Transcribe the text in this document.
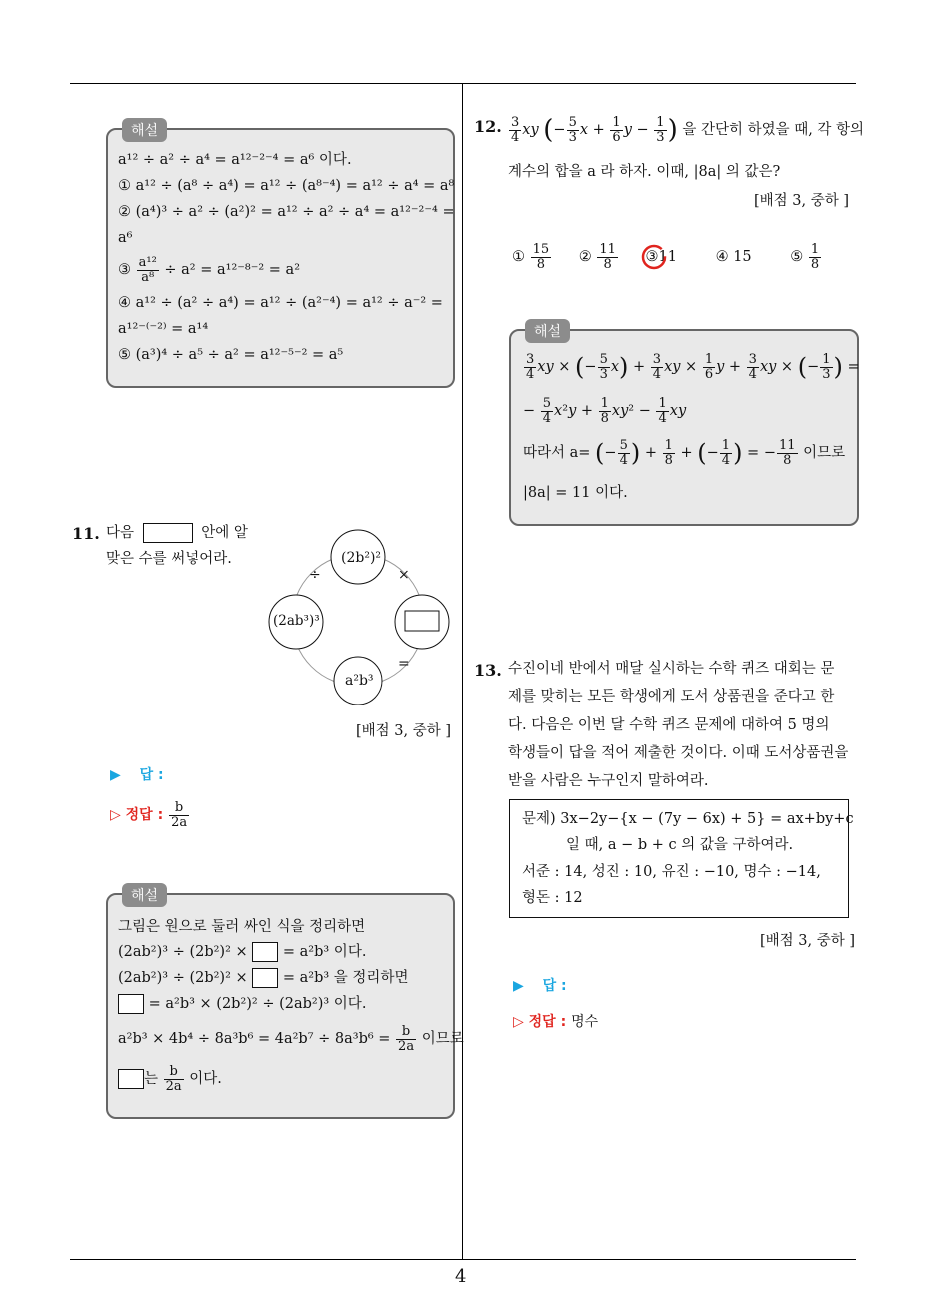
4
해설
a¹² ÷ a² ÷ a⁴ = a¹²⁻²⁻⁴ = a⁶ 이다.
① a¹² ÷ (a⁸ ÷ a⁴) = a¹² ÷ (a⁸⁻⁴) = a¹² ÷ a⁴ = a⁸
② (a⁴)³ ÷ a² ÷ (a²)² = a¹² ÷ a² ÷ a⁴ = a¹²⁻²⁻⁴ =
a⁶
③ $\frac{\text{a¹²}}{\text{a⁸}} \div a^2 = a^{12-8-2} = a^2$
④ a¹² ÷ (a² ÷ a⁴) = a¹² ÷ (a²⁻⁴) = a¹² ÷ a⁻² =
a¹²⁻⁽⁻²⁾ = a¹⁴
⑤ (a³)⁴ ÷ a⁵ ÷ a² = a¹²⁻⁵⁻² = a⁵
11. 다음	안에 알
맞은 수를 써넣어라.	(2b²)²
(2ab³)³
a²b³
÷	×
=
[배점 3, 중하 ]
▶ 답 :
▷ 정답 : $\frac{b}{2a}$
해설
그림은 원으로 둘러 싸인 식을 정리하면
(2ab²)³ ÷ (2b²)² × = a²b³ 이다.
(2ab²)³ ÷ (2b²)² × = a²b³ 을 정리하면
= a²b³ × (2b²)² ÷ (2ab²)³ 이다.
$a^2b^3 \times 4b^4 \div 8a^3b^6 = 4a^2b^7 \div 8a^3b^6 = \frac{b}{2a}$ 이므로
는 $\frac{b}{2a}$ 이다.
12. $\frac{3}{4}$ xy (− $\frac{5}{3}$ $x + \frac{1}{6}$ $y - \frac{1}{3}$ ) 을 간단히 하였을 때, 각 항의
계수의 합을 a 라 하자. 이때, |8a| 의 값은?
[배점 3, 중하 ]
① $\frac{15}{8}$ ② $\frac{11}{8}$ ③11	④ 15	⑤ $\frac{1}{8}$
해설
$\frac{3}{4}$ xy × (− $\frac{5}{3} x) + \frac{3}{4}$ xy × $\frac{1}{6}$ $y + \frac{3}{4}$ xy × (− $\frac{1}{3}$ ) =
− $\frac{5}{4} x^2y + \frac{1}{8} xy^2 - \frac{1}{4}$ xy
따라서 a= (− $\frac{5}{4}$ ) + $\frac{1}{8}$ + (− $\frac{1}{4}$ ) = − $\frac{11}{8}$ 이므로
|8a| = 11 이다.
13. 수진이네 반에서 매달 실시하는 수학 퀴즈 대회는 문
제를 맞히는 모든 학생에게 도서 상품권을 준다고 한
다. 다음은 이번 달 수학 퀴즈 문제에 대하여 5 명의
학생들이 답을 적어 제출한 것이다. 이때 도서상품권을
받을 사람은 누구인지 말하여라.
문제) 3x−2y−{x − (7y − 6x) + 5} = ax+by+c
일 때, a − b + c 의 값을 구하여라.
서준 : 14, 성진 : 10, 유진 : −10, 명수 : −14,
형돈 : 12
[배점 3, 중하 ]
▶ 답 :
▷ 정답 : 명수
